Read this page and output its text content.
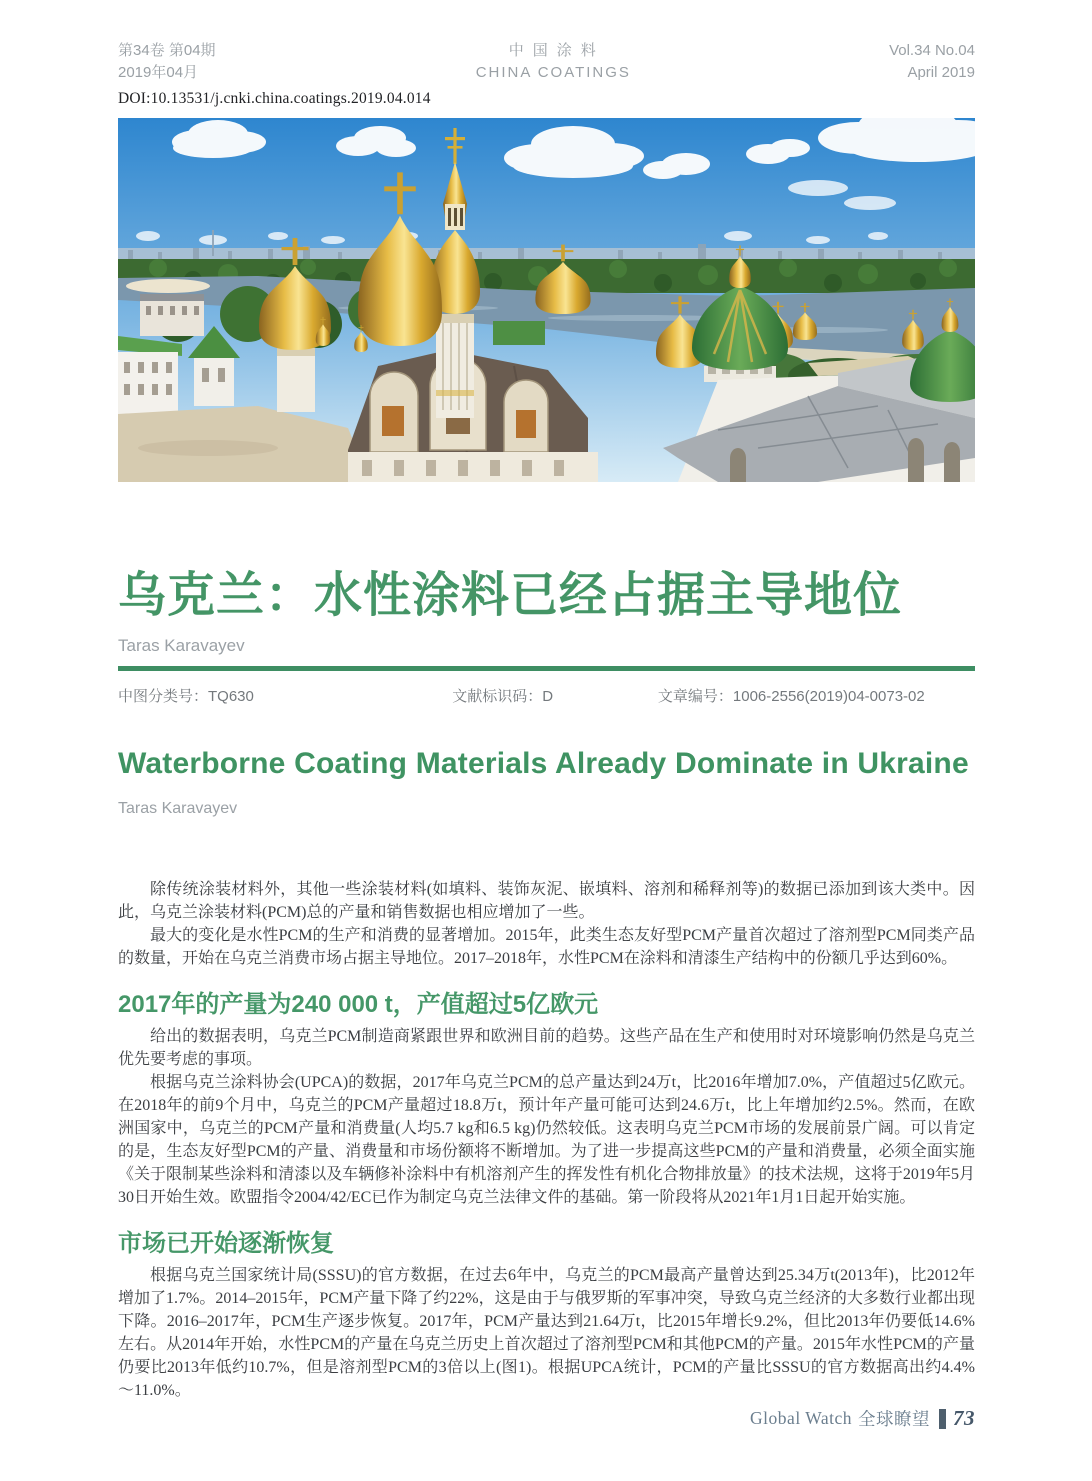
第34卷 第04期
2019年04月
中国涂料
CHINA COATINGS
Vol.34 No.04
April 2019
DOI:10.13531/j.cnki.china.coatings.2019.04.014
乌克兰：水性涂料已经占据主导地位
Taras Karavayev
中图分类号：TQ630	文献标识码：D	文章编号：1006-2556(2019)04-0073-02
Waterborne Coating Materials Already Dominate in Ukraine
Taras Karavayev

除传统涂装材料外，其他一些涂装材料(如填料、装饰灰泥、嵌填料、溶剂和稀释剂等)的数据已添加到该大类中。因此，乌克兰涂装材料(PCM)总的产量和销售数据也相应增加了一些。

最大的变化是水性PCM的生产和消费的显著增加。2015年，此类生态友好型PCM产量首次超过了溶剂型PCM同类产品的数量，开始在乌克兰消费市场占据主导地位。2017–2018年，水性PCM在涂料和清漆生产结构中的份额几乎达到60%。

2017年的产量为240 000 t，产值超过5亿欧元

给出的数据表明，乌克兰PCM制造商紧跟世界和欧洲目前的趋势。这些产品在生产和使用时对环境影响仍然是乌克兰优先要考虑的事项。

根据乌克兰涂料协会(UPCA)的数据，2017年乌克兰PCM的总产量达到24万t，比2016年增加7.0%，产值超过5亿欧元。在2018年的前9个月中，乌克兰的PCM产量超过18.8万t，预计年产量可能可达到24.6万t，比上年增加约2.5%。然而，在欧洲国家中，乌克兰的PCM产量和消费量(人均5.7 kg和6.5 kg)仍然较低。这表明乌克兰PCM市场的发展前景广阔。可以肯定的是，生态友好型PCM的产量、消费量和市场份额将不断增加。为了进一步提高这些PCM的产量和消费量，必须全面实施《关于限制某些涂料和清漆以及车辆修补涂料中有机溶剂产生的挥发性有机化合物排放量》的技术法规，这将于2019年5月30日开始生效。欧盟指令2004/42/EC已作为制定乌克兰法律文件的基础。第一阶段将从2021年1月1日起开始实施。

市场已开始逐渐恢复

根据乌克兰国家统计局(SSSU)的官方数据，在过去6年中，乌克兰的PCM最高产量曾达到25.34万t(2013年)，比2012年增加了1.7%。2014–2015年，PCM产量下降了约22%，这是由于与俄罗斯的军事冲突，导致乌克兰经济的大多数行业都出现下降。2016–2017年，PCM生产逐步恢复。2017年，PCM产量达到21.64万t，比2015年增长9.2%，但比2013年仍要低14.6%左右。从2014年开始，水性PCM的产量在乌克兰历史上首次超过了溶剂型PCM和其他PCM的产量。2015年水性PCM的产量仍要比2013年低约10.7%，但是溶剂型PCM的3倍以上(图1)。根据UPCA统计，PCM的产量比SSSU的官方数据高出约4.4%～11.0%。

Global Watch 全球瞭望 73
